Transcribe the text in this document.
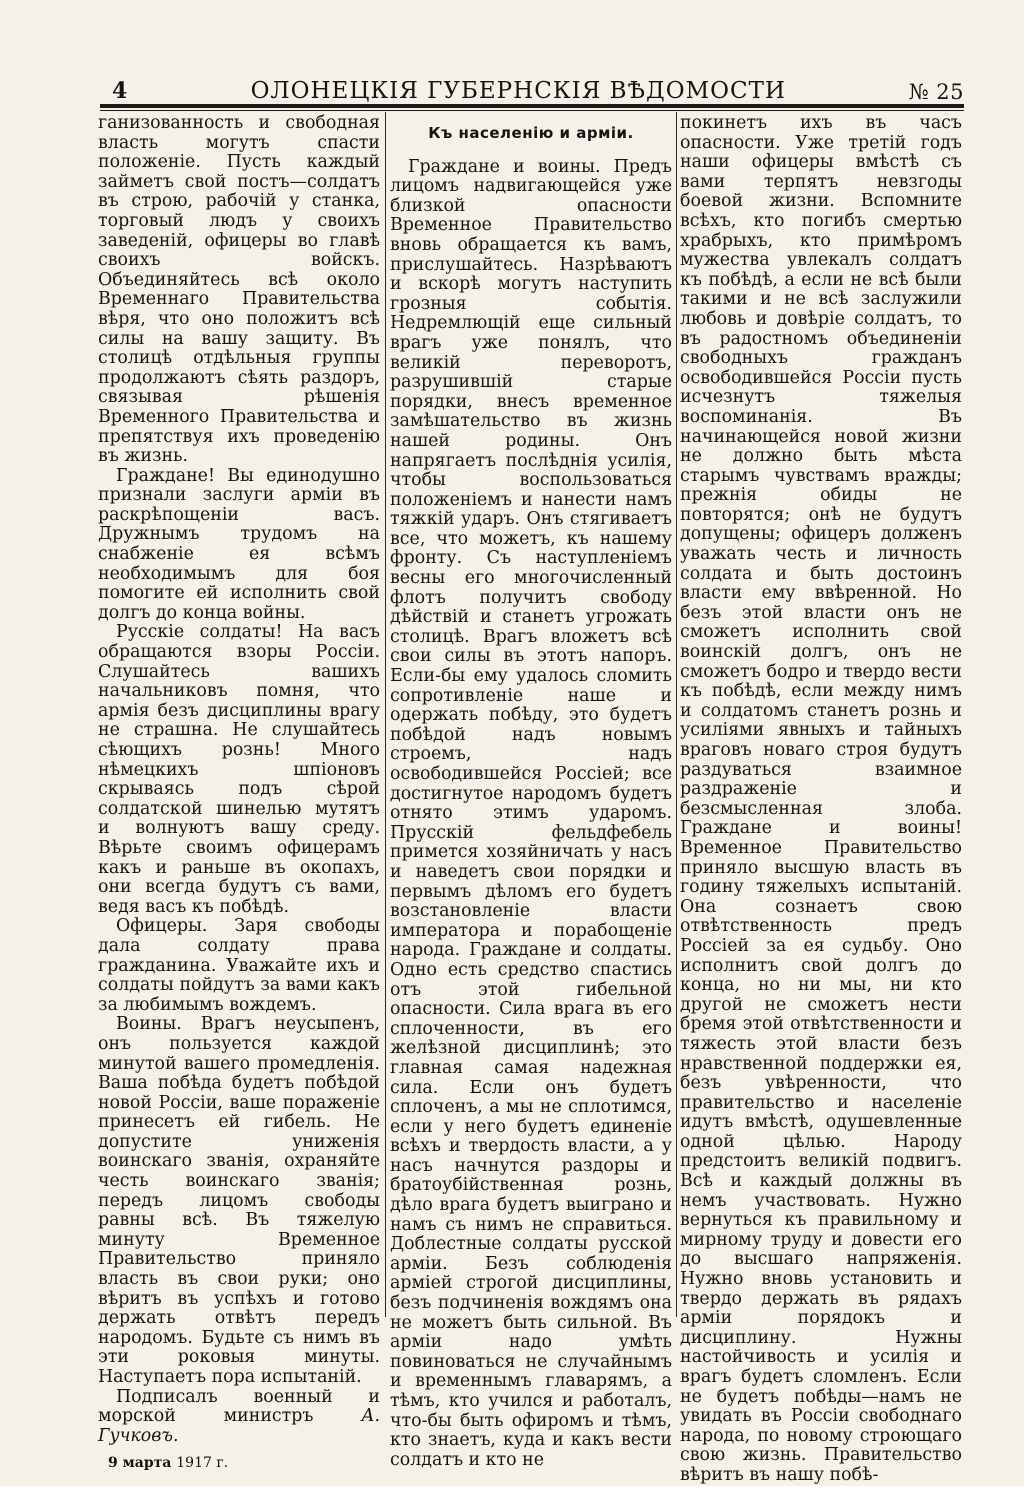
4	ОЛОНЕЦКІЯ ГУБЕРНСКІЯ ВѢДОМОСТИ	№ 25

ганизованность и свободная власть могутъ спасти положеніе. Пусть каждый займетъ свой постъ—солдатъ въ строю, рабочій у станка, торговый людъ у своихъ заведеній, офицеры во главѣ своихъ войскъ. Объединяйтесь всѣ около Временнаго Правительства вѣря, что оно положитъ всѣ силы на вашу защиту. Въ столицѣ отдѣльныя группы продолжаютъ сѣять раздоръ, связывая рѣшенія Временного Правительства и препятствуя ихъ проведенію въ жизнь.

Граждане! Вы единодушно признали заслуги арміи въ раскрѣпощеніи васъ. Дружнымъ трудомъ на снабженіе ея всѣмъ необходимымъ для боя помогите ей исполнить свой долгъ до конца войны.

Русскіе солдаты! На васъ обращаются взоры Россіи. Слушайтесь вашихъ начальниковъ помня, что армія безъ дисциплины врагу не страшна. Не слушайтесь сѣющихъ рознь! Много нѣмецкихъ шпіоновъ скрываясь подъ сѣрой солдатской шинелью мутятъ и волнуютъ вашу среду. Вѣрьте своимъ офицерамъ какъ и раньше въ окопахъ, они всегда будутъ съ вами, ведя васъ къ побѣдѣ.

Офицеры. Заря свободы дала солдату права гражданина. Уважайте ихъ и солдаты пойдутъ за вами какъ за любимымъ вождемъ.

Воины. Врагъ неусыпенъ, онъ пользуется каждой минутой вашего промедленія. Ваша побѣда будетъ побѣдой новой Россіи, ваше пораженіе принесетъ ей гибель. Не допустите униженія воинскаго званія, охраняйте честь воинскаго званія; передъ лицомъ свободы равны всѣ. Въ тяжелую минуту Временное Правительство приняло власть въ свои руки; оно вѣритъ въ успѣхъ и готово держать отвѣтъ передъ народомъ. Будьте съ нимъ въ эти роковыя минуты. Наступаетъ пора испытаній.

Подписалъ военный и морской министръ	А. Гучковъ.

9 марта 1917 г.
Къ населенію и арміи.

Граждане и воины. Предъ лицомъ надвигающейся уже близкой опасности Временное Правительство вновь обращается къ вамъ, прислушайтесь. Назрѣваютъ и вскорѣ могутъ наступить грозныя событія. Недремлющій еще сильный врагъ уже понялъ, что великій переворотъ, разрушившій старые порядки, внесъ временное замѣшательство въ жизнь нашей родины. Онъ напрягаетъ послѣднія усилія, чтобы воспользоваться положеніемъ и нанести намъ тяжкій ударъ. Онъ стягиваетъ все, что можетъ, къ нашему фронту. Съ наступленіемъ весны его многочисленный флотъ получитъ свободу дѣйствій и станетъ угрожать столицѣ. Врагъ вложетъ всѣ свои силы въ этотъ напоръ. Если-бы ему удалось сломить сопротивленіе наше и одержать побѣду, это будетъ побѣдой надъ новымъ строемъ, надъ освободившейся Россіей; все достигнутое народомъ будетъ отнято этимъ ударомъ. Прусскій фельдфебель примется хозяйничать у насъ и наведетъ свои порядки и первымъ дѣломъ его будетъ возстановленіе власти императора и порабощеніе народа. Граждане и солдаты. Одно есть средство спастись отъ этой гибельной опасности. Сила врага въ его сплоченности, въ его желѣзной дисциплинѣ; это главная самая надежная сила. Если онъ будетъ сплоченъ, а мы не сплотимся, если у него будетъ единеніе всѣхъ и твердость власти, а у насъ начнутся раздоры и братоубійственная рознь, дѣло врага будетъ выиграно и намъ съ нимъ не справиться. Доблестные солдаты русской арміи. Безъ соблюденія арміей строгой дисциплины, безъ подчиненія вождямъ она не можетъ быть сильной. Въ арміи надо умѣть повиноваться не случайнымъ и временнымъ главарямъ, а тѣмъ, кто учился и работалъ, что-бы быть офиромъ и тѣмъ, кто знаетъ, куда и какъ вести солдатъ и кто не

покинетъ ихъ въ часъ опасности. Уже третій годъ наши офицеры вмѣстѣ съ вами терпятъ невзгоды боевой жизни. Вспомните всѣхъ, кто погибъ смертью храбрыхъ, кто примѣромъ мужества увлекалъ солдатъ къ побѣдѣ, а если не всѣ были такими и не всѣ заслужили любовь и довѣріе солдатъ, то въ радостномъ объединеніи свободныхъ гражданъ освободившейся Россіи пусть исчезнутъ тяжелыя воспоминанія. Въ начинающейся новой жизни не должно быть мѣста старымъ чувствамъ вражды; прежнія обиды не повторятся; онѣ не будутъ допущены; офицеръ долженъ уважать честь и личность солдата и быть достоинъ власти ему ввѣренной. Но безъ этой власти онъ не сможетъ исполнить свой воинскій долгъ, онъ не сможетъ бодро и твердо вести къ побѣдѣ, если между нимъ и солдатомъ станетъ рознь и усиліями явныхъ и тайныхъ враговъ новаго строя будутъ раздуваться взаимное раздраженіе и безсмысленная злоба. Граждане и воины! Временное Правительство приняло высшую власть въ годину тяжелыхъ испытаній. Она сознаетъ свою отвѣтственность предъ Россіей за ея судьбу. Оно исполнитъ свой долгъ до конца, но ни мы, ни кто другой не сможетъ нести бремя этой отвѣтственности и тяжесть этой власти безъ нравственной поддержки ея, безъ увѣренности, что правительство и населеніе идутъ вмѣстѣ, одушевленные одной цѣлью. Народу предстоитъ великій подвигъ. Всѣ и каждый должны въ немъ участвовать. Нужно вернуться къ правильному и мирному труду и довести его до высшаго напряженія. Нужно вновь установить и твердо держать въ рядахъ арміи порядокъ и дисциплину. Нужны настойчивость и усилія и врагъ будетъ сломленъ. Если не будетъ побѣды—намъ не увидать въ Россіи свободнаго народа, по новому строющаго свою жизнь. Правительство вѣритъ въ нашу побѣ-
